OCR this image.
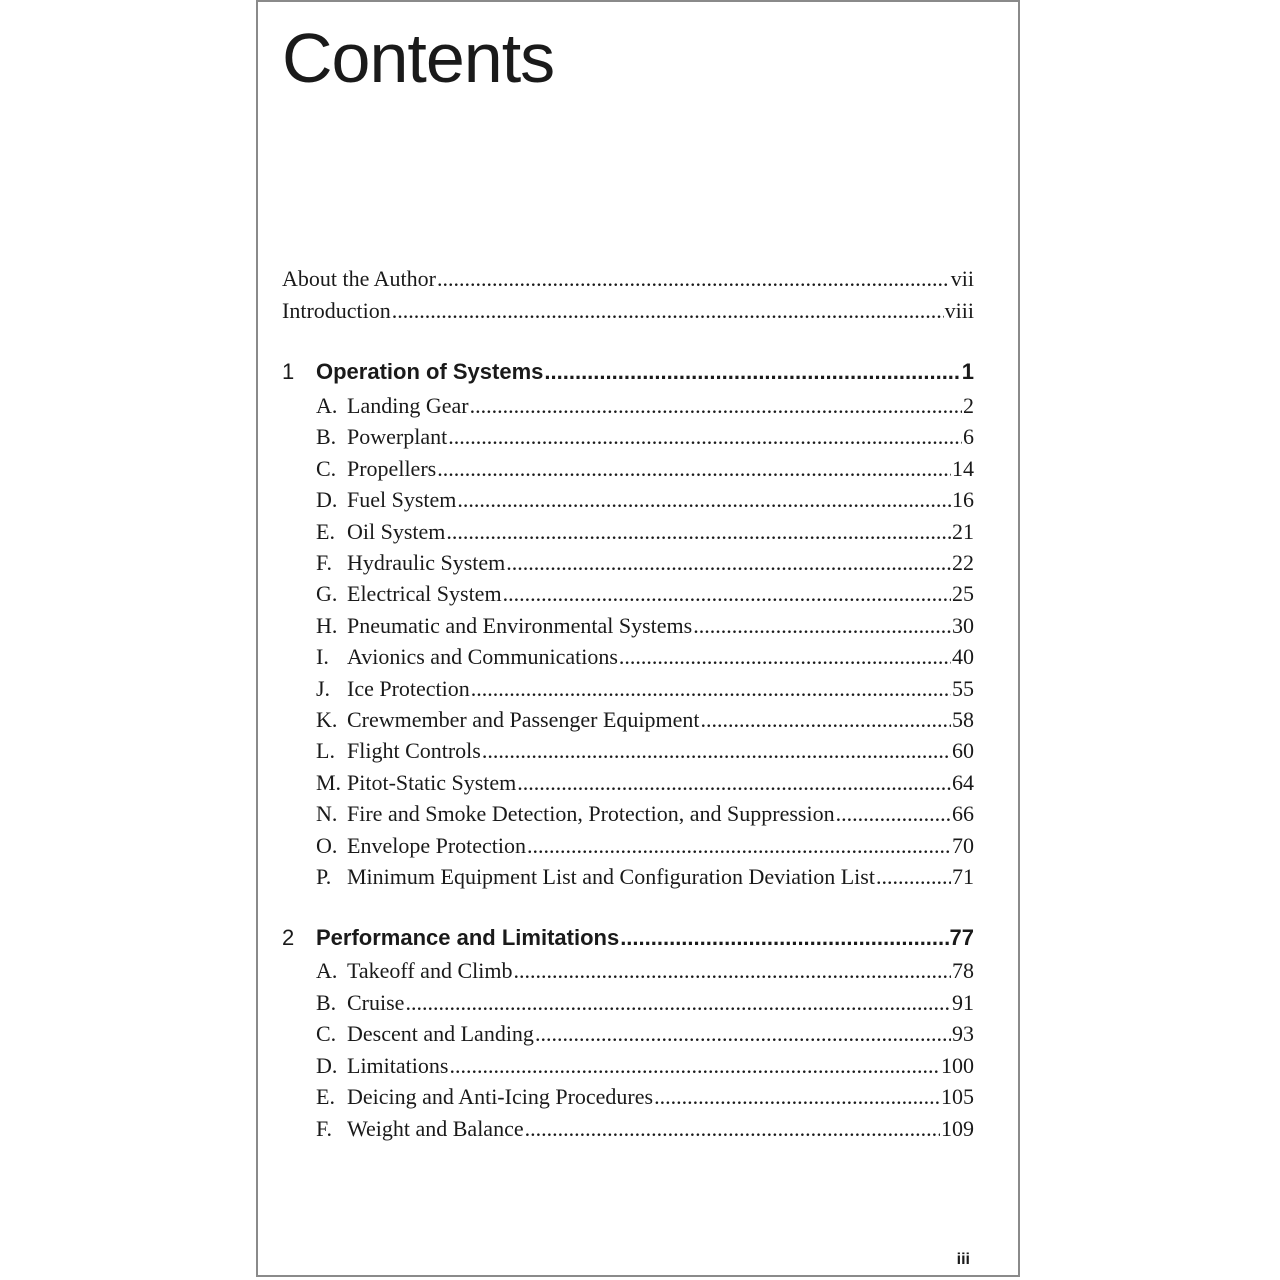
Contents
About the Author .....	vii
Introduction .....	viii
1 Operation of Systems .....	1
A. Landing Gear .....	2
B. Powerplant .....	6
C. Propellers .....	14
D. Fuel System .....	16
E. Oil System .....	21
F. Hydraulic System .....	22
G. Electrical System .....	25
H. Pneumatic and Environmental Systems .....	30
I. Avionics and Communications .....	40
J. Ice Protection .....	55
K. Crewmember and Passenger Equipment .....	58
L. Flight Controls .....	60
M. Pitot-Static System .....	64
N. Fire and Smoke Detection, Protection, and Suppression .....	66
O. Envelope Protection .....	70
P. Minimum Equipment List and Configuration Deviation List .....	71
2 Performance and Limitations .....	77
A. Takeoff and Climb .....	78
B. Cruise .....	91
C. Descent and Landing .....	93
D. Limitations .....	100
E. Deicing and Anti-Icing Procedures .....	105
F. Weight and Balance .....	109
iii
